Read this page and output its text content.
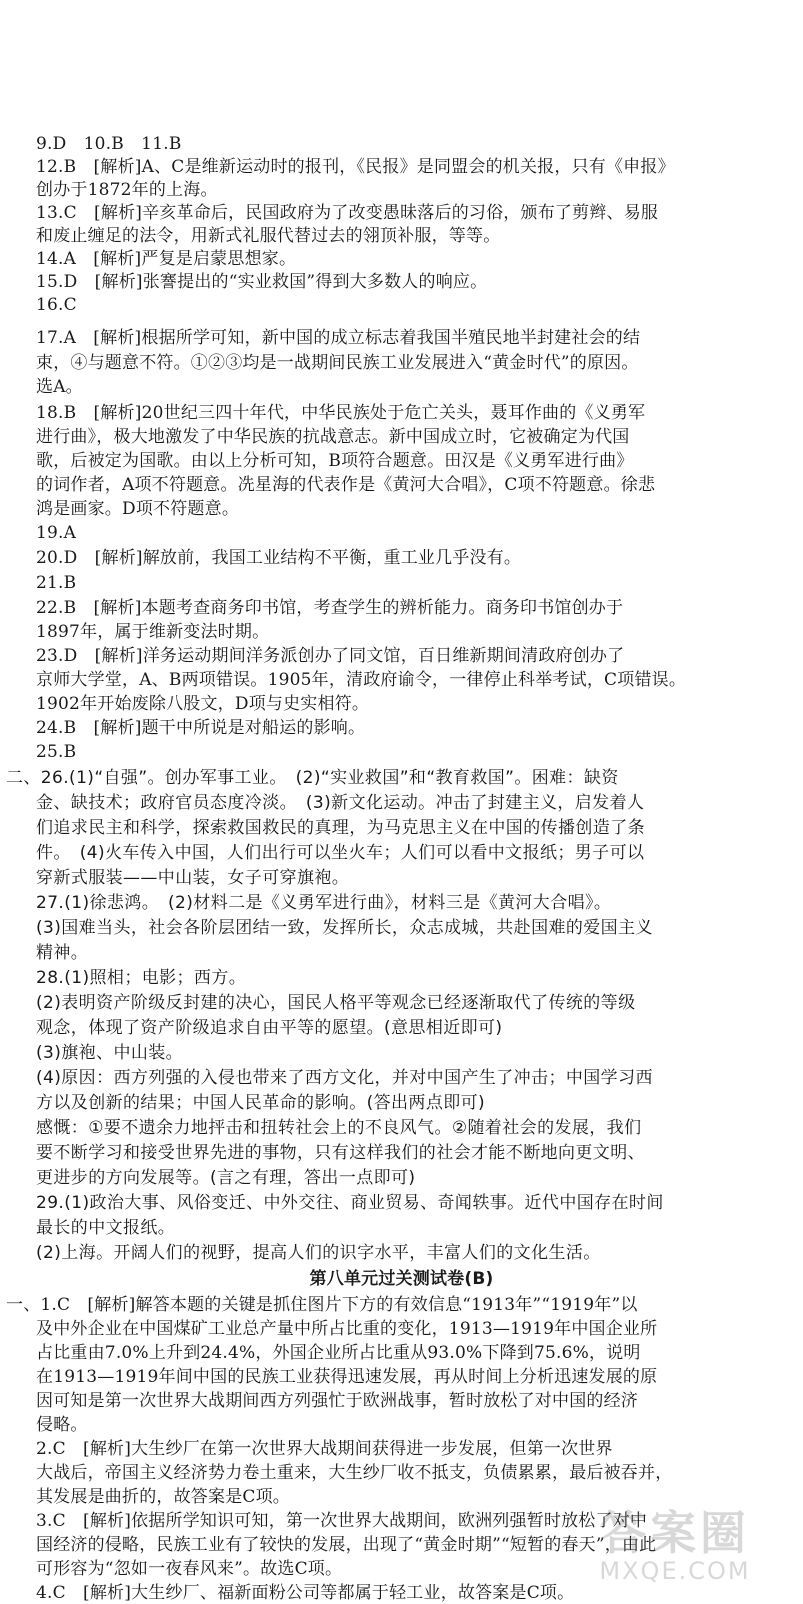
9.D　10.B　11.B
12.B　[解析]A、C是维新运动时的报刊，《民报》是同盟会的机关报，只有《申报》
创办于1872年的上海。
13.C　[解析]辛亥革命后，民国政府为了改变愚昧落后的习俗，颁布了剪辫、易服
和废止缠足的法令，用新式礼服代替过去的翎顶补服，等等。
14.A　[解析]严复是启蒙思想家。
15.D　[解析]张謇提出的“实业救国”得到大多数人的响应。
16.C
17.A　[解析]根据所学可知，新中国的成立标志着我国半殖民地半封建社会的结
束，④与题意不符。①②③均是一战期间民族工业发展进入“黄金时代”的原因。
选A。
18.B　[解析]20世纪三四十年代，中华民族处于危亡关头，聂耳作曲的《义勇军
进行曲》，极大地激发了中华民族的抗战意志。新中国成立时，它被确定为代国
歌，后被定为国歌。由以上分析可知，B项符合题意。田汉是《义勇军进行曲》
的词作者，A项不符题意。冼星海的代表作是《黄河大合唱》，C项不符题意。徐悲
鸿是画家。D项不符题意。
19.A
20.D　[解析]解放前，我国工业结构不平衡，重工业几乎没有。
21.B
22.B　[解析]本题考查商务印书馆，考查学生的辨析能力。商务印书馆创办于
1897年，属于维新变法时期。
23.D　[解析]洋务运动期间洋务派创办了同文馆，百日维新期间清政府创办了
京师大学堂，A、B两项错误。1905年，清政府谕令，一律停止科举考试，C项错误。
1902年开始废除八股文，D项与史实相符。
24.B　[解析]题干中所说是对船运的影响。
25.B
二、26.(1)“自强”。创办军事工业。　(2)“实业救国”和“教育救国”。困难：缺资
金、缺技术；政府官员态度冷淡。　(3)新文化运动。冲击了封建主义，启发着人
们追求民主和科学，探索救国救民的真理，为马克思主义在中国的传播创造了条
件。　(4)火车传入中国，人们出行可以坐火车；人们可以看中文报纸；男子可以
穿新式服装——中山装，女子可穿旗袍。
27.(1)徐悲鸿。　(2)材料二是《义勇军进行曲》，材料三是《黄河大合唱》。
(3)国难当头，社会各阶层团结一致，发挥所长，众志成城，共赴国难的爱国主义
精神。
28.(1)照相；电影；西方。
(2)表明资产阶级反封建的决心，国民人格平等观念已经逐渐取代了传统的等级
观念，体现了资产阶级追求自由平等的愿望。(意思相近即可)
(3)旗袍、中山装。
(4)原因：西方列强的入侵也带来了西方文化，并对中国产生了冲击；中国学习西
方以及创新的结果；中国人民革命的影响。(答出两点即可)
感慨：①要不遗余力地抨击和扭转社会上的不良风气。②随着社会的发展，我们
要不断学习和接受世界先进的事物，只有这样我们的社会才能不断地向更文明、
更进步的方向发展等。(言之有理，答出一点即可)
29.(1)政治大事、风俗变迁、中外交往、商业贸易、奇闻轶事。近代中国存在时间
最长的中文报纸。
(2)上海。开阔人们的视野，提高人们的识字水平，丰富人们的文化生活。
第八单元过关测试卷(B)
一、1.C　[解析]解答本题的关键是抓住图片下方的有效信息“1913年”“1919年”以
及中外企业在中国煤矿工业总产量中所占比重的变化，1913—1919年中国企业所
占比重由7.0%上升到24.4%，外国企业所占比重从93.0%下降到75.6%，说明
在1913—1919年间中国的民族工业获得迅速发展，再从时间上分析迅速发展的原
因可知是第一次世界大战期间西方列强忙于欧洲战事，暂时放松了对中国的经济
侵略。
2.C　[解析]大生纱厂在第一次世界大战期间获得进一步发展，但第一次世界
大战后，帝国主义经济势力卷土重来，大生纱厂收不抵支，负债累累，最后被吞并，
其发展是曲折的，故答案是C项。
3.C　[解析]依据所学知识可知，第一次世界大战期间，欧洲列强暂时放松了对中
国经济的侵略，民族工业有了较快的发展，出现了“黄金时期”“短暂的春天”，由此
可形容为“忽如一夜春风来”。故选C项。
4.C　[解析]大生纱厂、福新面粉公司等都属于轻工业，故答案是C项。
答案圈
MXQE.COM
